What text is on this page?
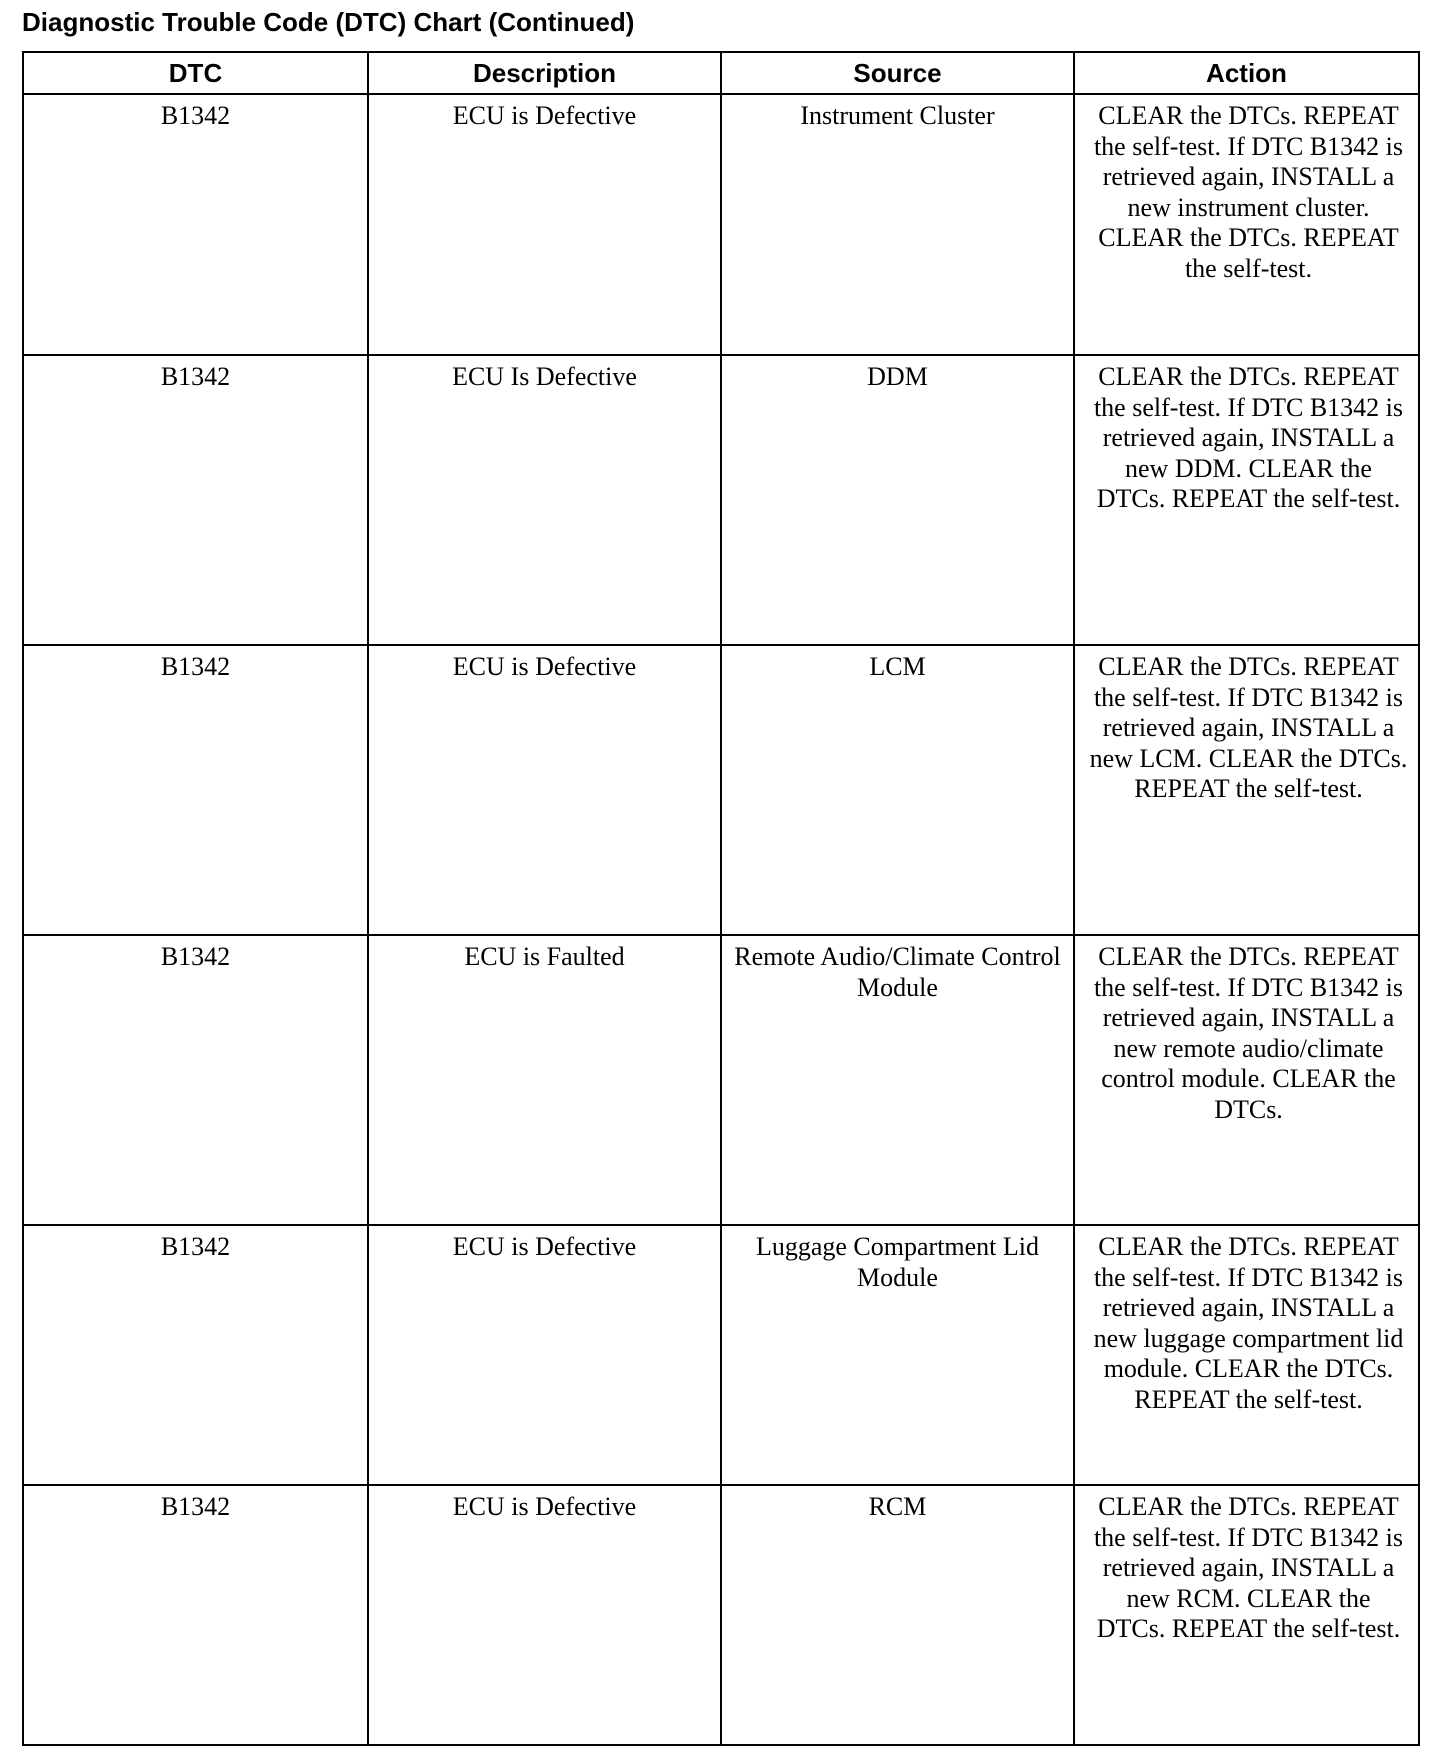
Diagnostic Trouble Code (DTC) Chart (Continued)
DTC	Description	Source	Action
B1342	ECU is Defective	Instrument Cluster	CLEAR the DTCs. REPEAT the self-test. If DTC B1342 is retrieved again, INSTALL a new instrument cluster. CLEAR the DTCs. REPEAT the self-test.
B1342	ECU Is Defective	DDM	CLEAR the DTCs. REPEAT the self-test. If DTC B1342 is retrieved again, INSTALL a new DDM. CLEAR the DTCs. REPEAT the self-test.
B1342	ECU is Defective	LCM	CLEAR the DTCs. REPEAT the self-test. If DTC B1342 is retrieved again, INSTALL a new LCM. CLEAR the DTCs. REPEAT the self-test.
B1342	ECU is Faulted	Remote Audio/Climate Control Module	CLEAR the DTCs. REPEAT the self-test. If DTC B1342 is retrieved again, INSTALL a new remote audio/climate control module. CLEAR the DTCs.
B1342	ECU is Defective	Luggage Compartment Lid Module	CLEAR the DTCs. REPEAT the self-test. If DTC B1342 is retrieved again, INSTALL a new luggage compartment lid module. CLEAR the DTCs. REPEAT the self-test.
B1342	ECU is Defective	RCM	CLEAR the DTCs. REPEAT the self-test. If DTC B1342 is retrieved again, INSTALL a new RCM. CLEAR the DTCs. REPEAT the self-test.
